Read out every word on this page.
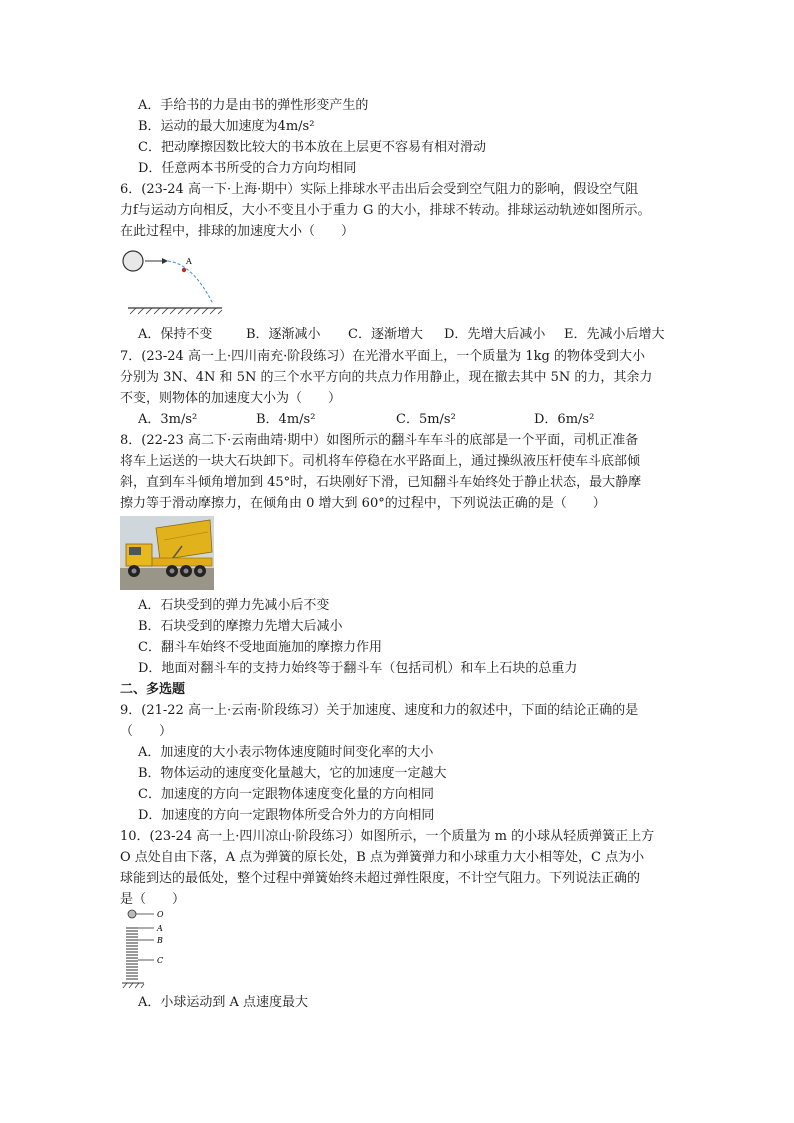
A．手给书的力是由书的弹性形变产生的
B．运动的最大加速度为4m/s²
C．把动摩擦因数比较大的书本放在上层更不容易有相对滑动
D．任意两本书所受的合力方向均相同
6．(23-24 高一下·上海·期中）实际上排球水平击出后会受到空气阻力的影响，假设空气阻
力f与运动方向相反，大小不变且小于重力 G 的大小，排球不转动。排球运动轨迹如图所示。
在此过程中，排球的加速度大小（　　）
A
A．保持不变	B．逐渐减小 C．逐渐增大 D．先增大后减小 E．先减小后增大
7．(23-24 高一上·四川南充·阶段练习）在光滑水平面上，一个质量为 1kg 的物体受到大小
分别为 3N、4N 和 5N 的三个水平方向的共点力作用静止，现在撤去其中 5N 的力，其余力
不变，则物体的加速度大小为（　　）
A．3m/s²	B．4m/s²	C．5m/s²	D．6m/s²
8．(22-23 高二下·云南曲靖·期中）如图所示的翻斗车车斗的底部是一个平面，司机正准备
将车上运送的一块大石块卸下。司机将车停稳在水平路面上，通过操纵液压杆使车斗底部倾
斜，直到车斗倾角增加到 45°时，石块刚好下滑，已知翻斗车始终处于静止状态，最大静摩
擦力等于滑动摩擦力，在倾角由 0 增大到 60°的过程中，下列说法正确的是（　　）
A．石块受到的弹力先减小后不变
B．石块受到的摩擦力先增大后减小
C．翻斗车始终不受地面施加的摩擦力作用
D．地面对翻斗车的支持力始终等于翻斗车（包括司机）和车上石块的总重力
二、多选题
9．(21-22 高一上·云南·阶段练习）关于加速度、速度和力的叙述中，下面的结论正确的是
（　　）
A．加速度的大小表示物体速度随时间变化率的大小
B．物体运动的速度变化量越大，它的加速度一定越大
C．加速度的方向一定跟物体速度变化量的方向相同
D．加速度的方向一定跟物体所受合外力的方向相同
10．(23-24 高一上·四川凉山·阶段练习）如图所示，一个质量为 m 的小球从轻质弹簧正上方
O 点处自由下落，A 点为弹簧的原长处，B 点为弹簧弹力和小球重力大小相等处，C 点为小
球能到达的最低处，整个过程中弹簧始终未超过弹性限度，不计空气阻力。下列说法正确的
是（　　）
O
A
B
C
A．小球运动到 A 点速度最大
